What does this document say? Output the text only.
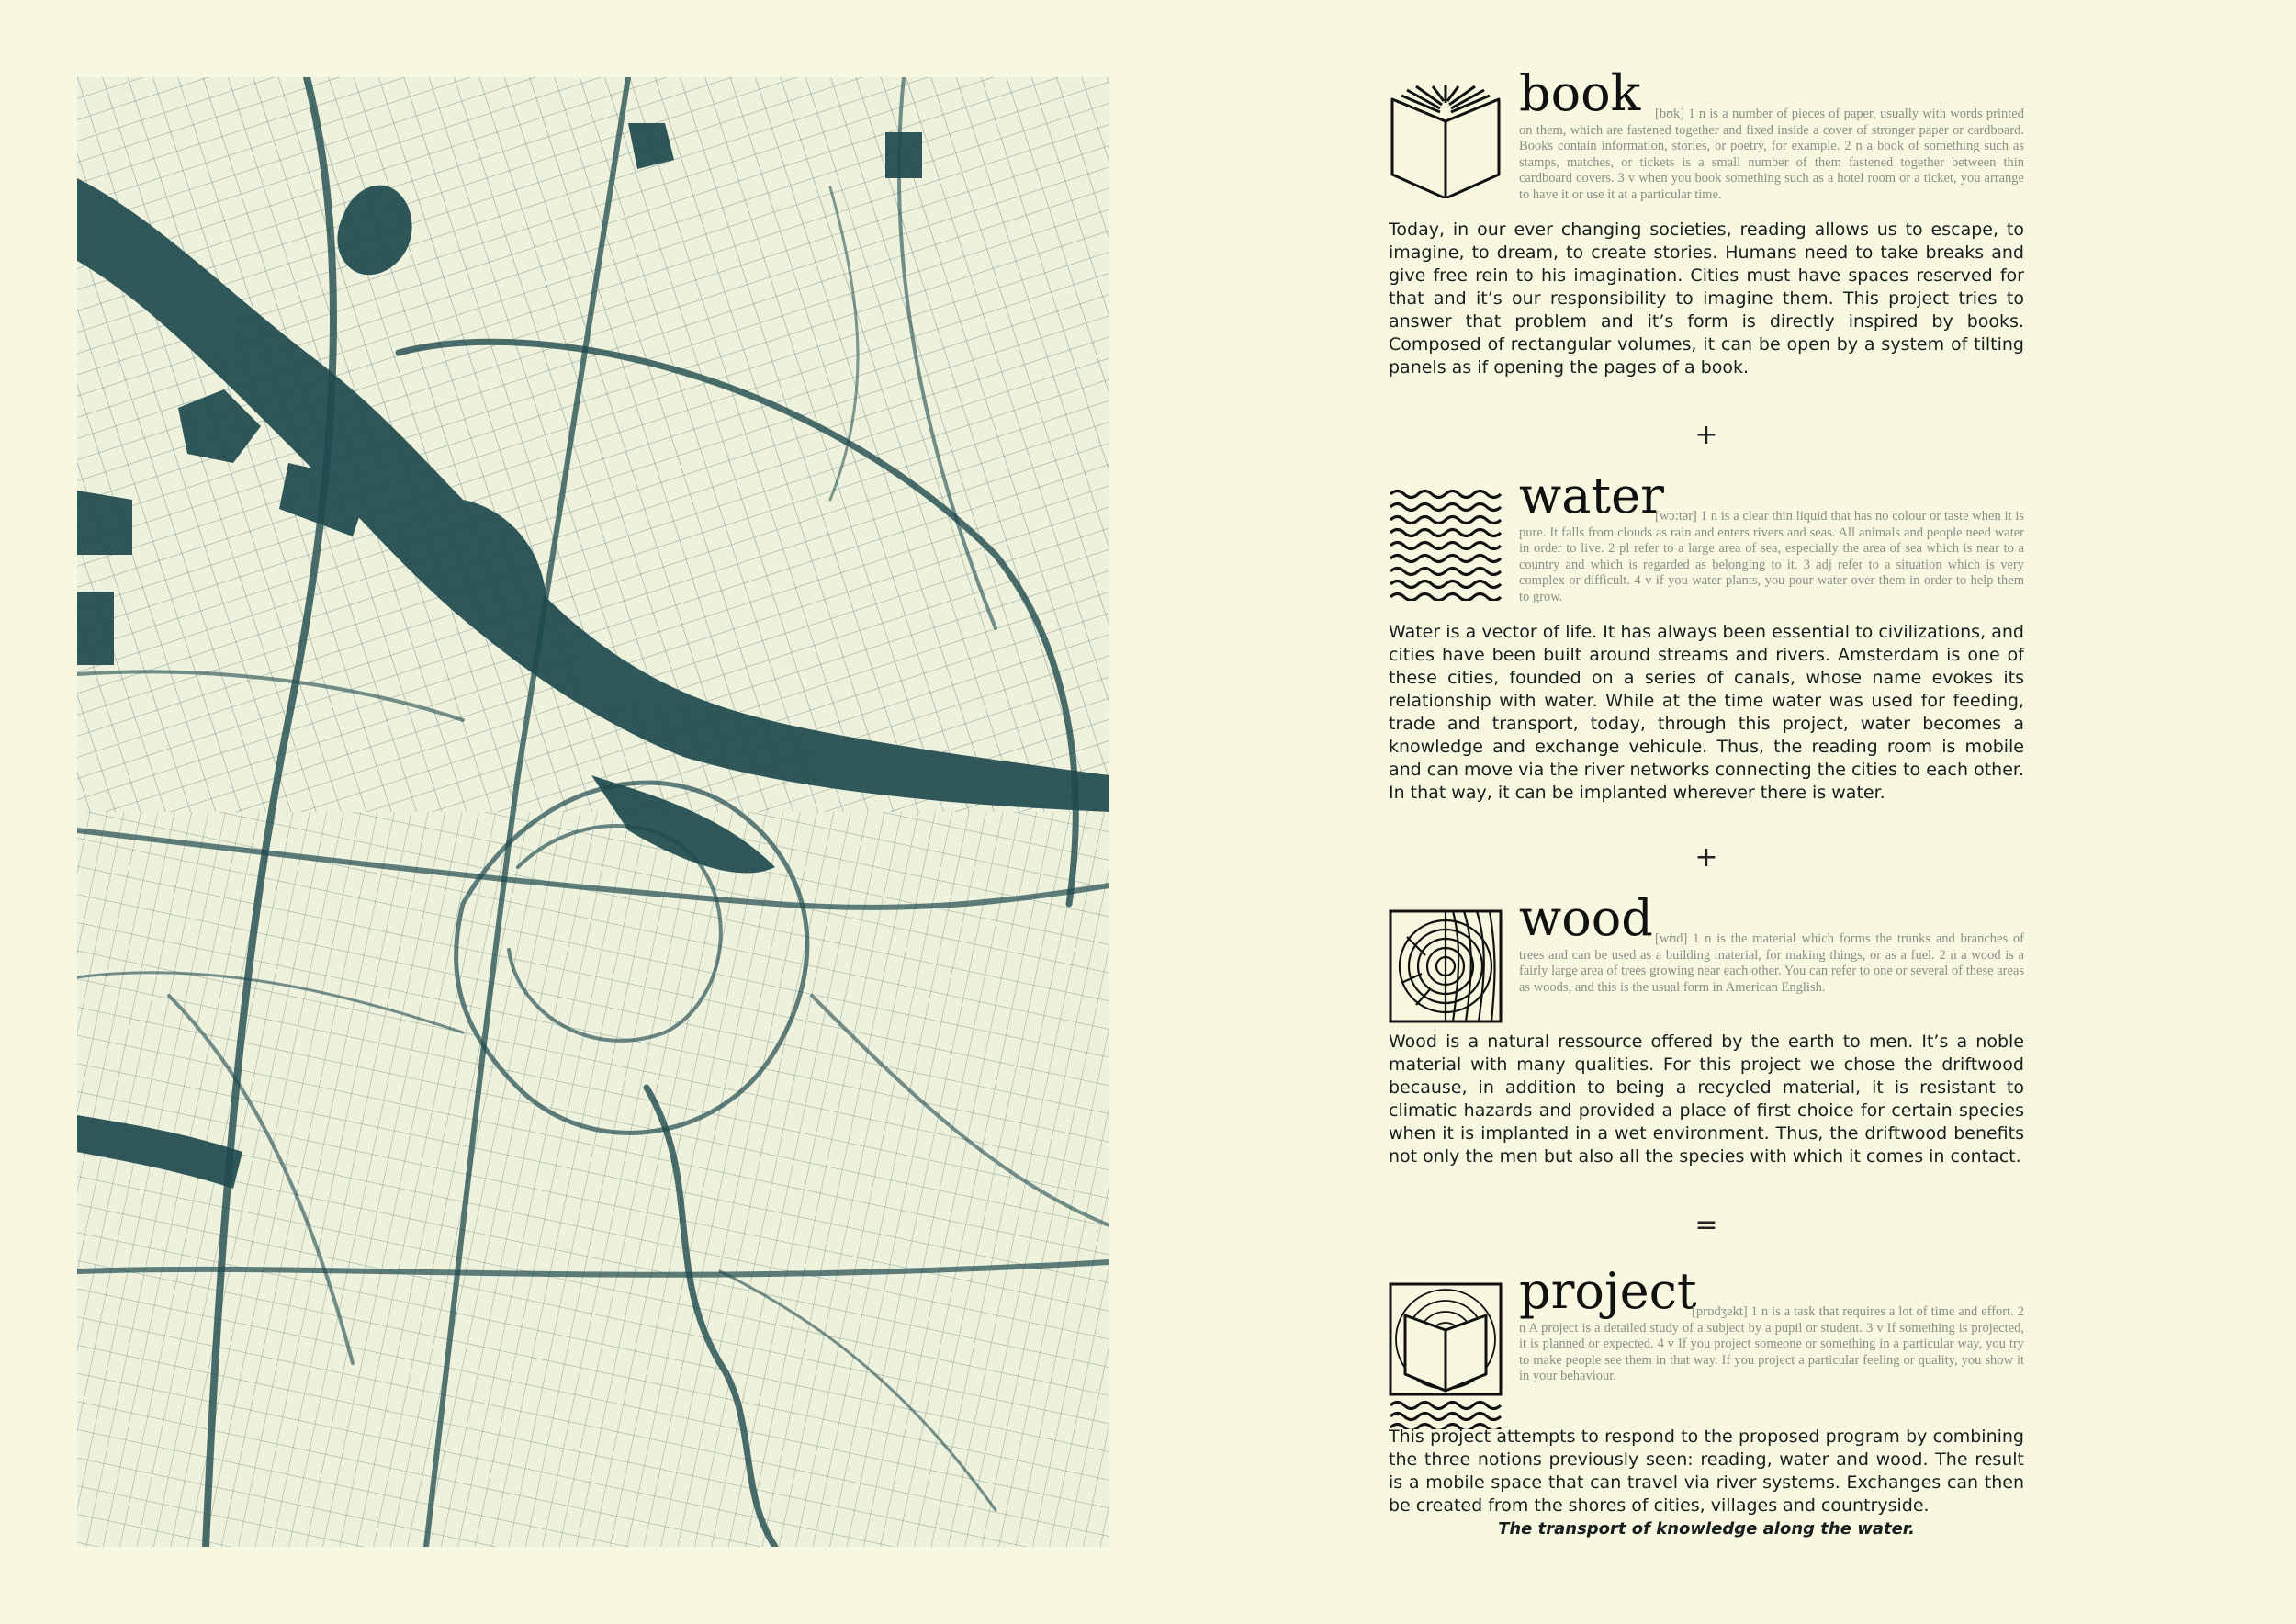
book	[bʊk] 1 n is a number of pieces of paper, usually with words printed on them, which are fastened together and fixed inside a cover of stronger paper or cardboard. Books contain information, stories, or poetry, for example. 2 n a book of something such as stamps, matches, or tickets is a small number of them fastened together between thin cardboard covers. 3 v when you book something such as a hotel room or a ticket, you arrange to have it or use it at a particular time.

Today, in our ever changing societies, reading allows us to escape, to imagine, to dream, to create stories. Humans need to take breaks and give free rein to his imagination. Cities must have spaces reserved for that and it’s our responsibility to imagine them. This project tries to answer that problem and it’s form is directly inspired by books. Composed of rectangular volumes, it can be open by a system of tilting panels as if opening the pages of a book.

+
water
[wɔ:tər] 1 n is a clear thin liquid that has no colour or taste when it is pure. It falls from clouds as rain and enters rivers and seas. All animals and people need water in order to live. 2 pl refer to a large area of sea, especially the area of sea which is near to a country and which is regarded as belonging to it. 3 adj refer to a situation which is very complex or difficult. 4 v if you water plants, you pour water over them in order to help them to grow.

Water is a vector of life. It has always been essential to civilizations, and cities have been built around streams and rivers. Amsterdam is one of these cities, founded on a series of canals, whose name evokes its relationship with water. While at the time water was used for feeding, trade and transport, today, through this project, water becomes a knowledge and exchange vehicule. Thus, the reading room is mobile and can move via the river networks connecting the cities to each other. In that way, it can be implanted wherever there is water.

+
wood [wʊd] 1 n is the material which forms the trunks and branches of trees and can be used as a building material, for making things, or as a fuel. 2 n a wood is a fairly large area of trees growing near each other. You can refer to one or several of these areas as woods, and this is the usual form in American English.

Wood is a natural ressource offered by the earth to men. It’s a noble material with many qualities. For this project we chose the driftwood because, in addition to being a recycled material, it is resistant to climatic hazards and provided a place of first choice for certain species when it is implanted in a wet environment. Thus, the driftwood benefits not only the men but also all the species with which it comes in contact.

=
project
[prɒdʒekt] 1 n is a task that requires a lot of time and effort. 2 n A project is a detailed study of a subject by a pupil or student. 3 v If something is projected, it is planned or expected. 4 v If you project someone or something in a particular way, you try to make people see them in that way. If you project a particular feeling or quality, you show it in your behaviour.

This project attempts to respond to the proposed program by combining the three notions previously seen: reading, water and wood. The result is a mobile space that can travel via river systems. Exchanges can then be created from the shores of cities, villages and countryside.

The transport of knowledge along the water.
